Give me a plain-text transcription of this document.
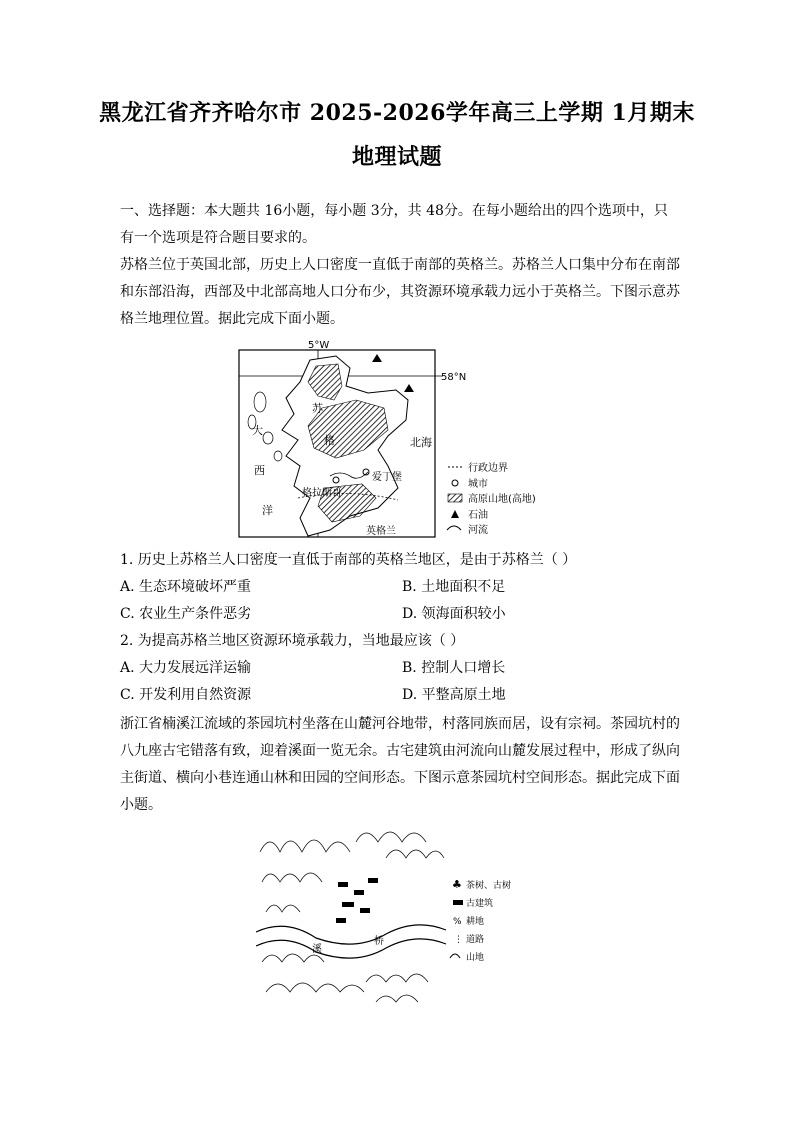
黑龙江省齐齐哈尔市 2025-2026学年高三上学期 1月期末
地理试题

一、选择题：本大题共 16小题，每小题 3分，共 48分。在每小题给出的四个选项中，只有一个选项是符合题目要求的。

苏格兰位于英国北部，历史上人口密度一直低于南部的英格兰。苏格兰人口集中分布在南部和东部沿海，西部及中北部高地人口分布少，其资源环境承载力远小于英格兰。下图示意苏格兰地理位置。据此完成下面小题。

5°W
58°N
大
西
洋
北海
格拉斯哥
爱丁堡
英格兰
苏
格
行政边界
城市
高原山地(高地)
石油
河流
1. 历史上苏格兰人口密度一直低于南部的英格兰地区，是由于苏格兰（ ）
A. 生态环境破坏严重	B. 土地面积不足
C. 农业生产条件恶劣	D. 领海面积较小
2. 为提高苏格兰地区资源环境承载力，当地最应该（ ）
A. 大力发展远洋运输	B. 控制人口增长
C. 开发利用自然资源	D. 平整高原土地

浙江省楠溪江流域的茶园坑村坐落在山麓河谷地带，村落同族而居，设有宗祠。茶园坑村的八九座古宅错落有致，迎着溪面一览无余。古宅建筑由河流向山麓发展过程中，形成了纵向主街道、横向小巷连通山林和田园的空间形态。下图示意茶园坑村空间形态。据此完成下面小题。

溪
桥
♣ 茶树、古树
古建筑
% 耕地
⋮ 道路
山地
